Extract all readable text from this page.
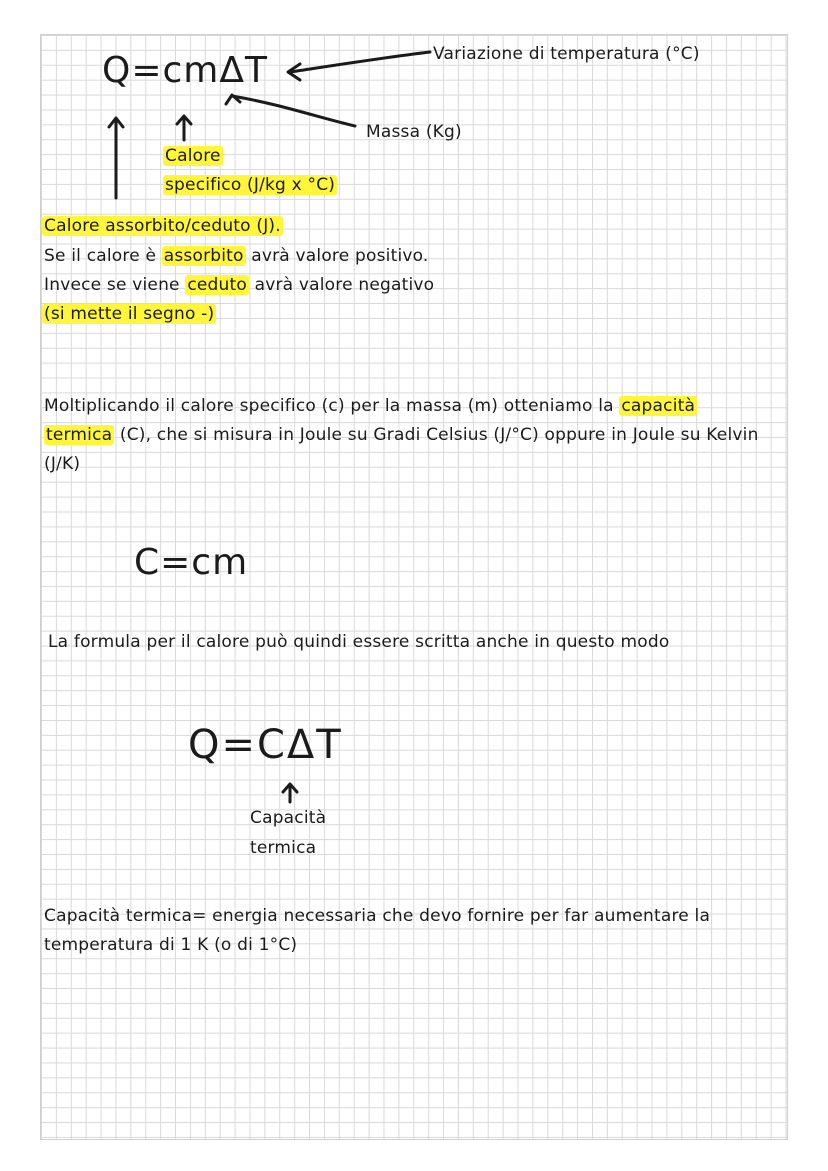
Q=cmΔT	Variazione di temperatura (°C)
Massa (Kg)
Calore
specifico (J/kg x °C)
Calore assorbito/ceduto (J).
Se il calore è assorbito avrà valore positivo.
Invece se viene ceduto avrà valore negativo
(si mette il segno -)
Moltiplicando il calore specifico (c) per la massa (m) otteniamo la capacità termica (C), che si misura in Joule su Gradi Celsius (J/°C) oppure in Joule su Kelvin (J/K)
C=cm
La formula per il calore può quindi essere scritta anche in questo modo
Q=CΔT
Capacità
termica
Capacità termica= energia necessaria che devo fornire per far aumentare la temperatura di 1 K (o di 1°C)
